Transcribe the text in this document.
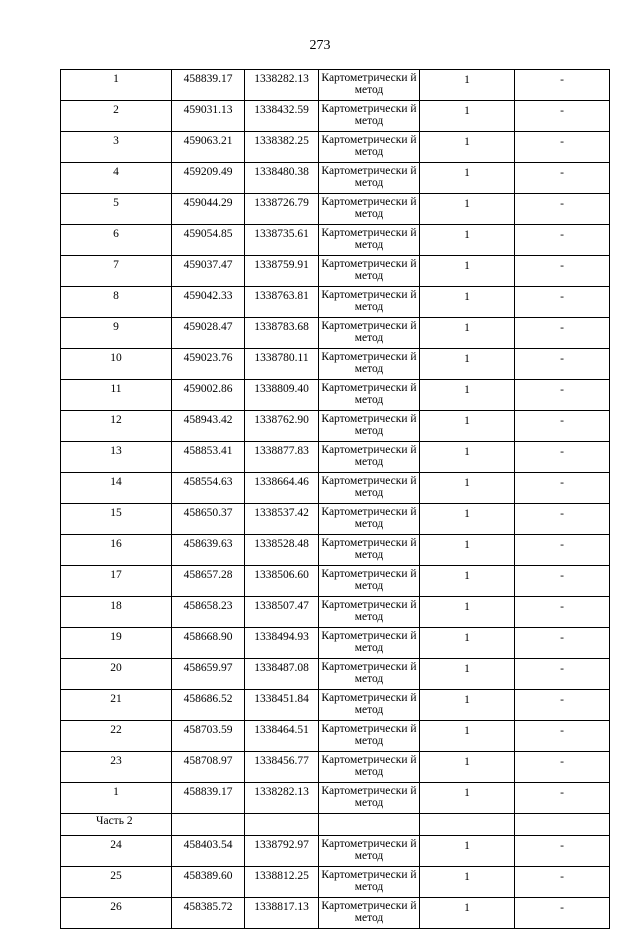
273
1	458839.17	1338282.13	Картометрически й метод	1	-
2	459031.13	1338432.59	Картометрически й метод	1	-
3	459063.21	1338382.25	Картометрически й метод	1	-
4	459209.49	1338480.38	Картометрически й метод	1	-
5	459044.29	1338726.79	Картометрически й метод	1	-
6	459054.85	1338735.61	Картометрически й метод	1	-
7	459037.47	1338759.91	Картометрически й метод	1	-
8	459042.33	1338763.81	Картометрически й метод	1	-
9	459028.47	1338783.68	Картометрически й метод	1	-
10	459023.76	1338780.11	Картометрически й метод	1	-
11	459002.86	1338809.40	Картометрически й метод	1	-
12	458943.42	1338762.90	Картометрически й метод	1	-
13	458853.41	1338877.83	Картометрически й метод	1	-
14	458554.63	1338664.46	Картометрически й метод	1	-
15	458650.37	1338537.42	Картометрически й метод	1	-
16	458639.63	1338528.48	Картометрически й метод	1	-
17	458657.28	1338506.60	Картометрически й метод	1	-
18	458658.23	1338507.47	Картометрически й метод	1	-
19	458668.90	1338494.93	Картометрически й метод	1	-
20	458659.97	1338487.08	Картометрически й метод	1	-
21	458686.52	1338451.84	Картометрически й метод	1	-
22	458703.59	1338464.51	Картометрически й метод	1	-
23	458708.97	1338456.77	Картометрически й метод	1	-
1	458839.17	1338282.13	Картометрически й метод	1	-
Часть 2					
24	458403.54	1338792.97	Картометрически й метод	1	-
25	458389.60	1338812.25	Картометрически й метод	1	-
26	458385.72	1338817.13	Картометрически й метод	1	-
